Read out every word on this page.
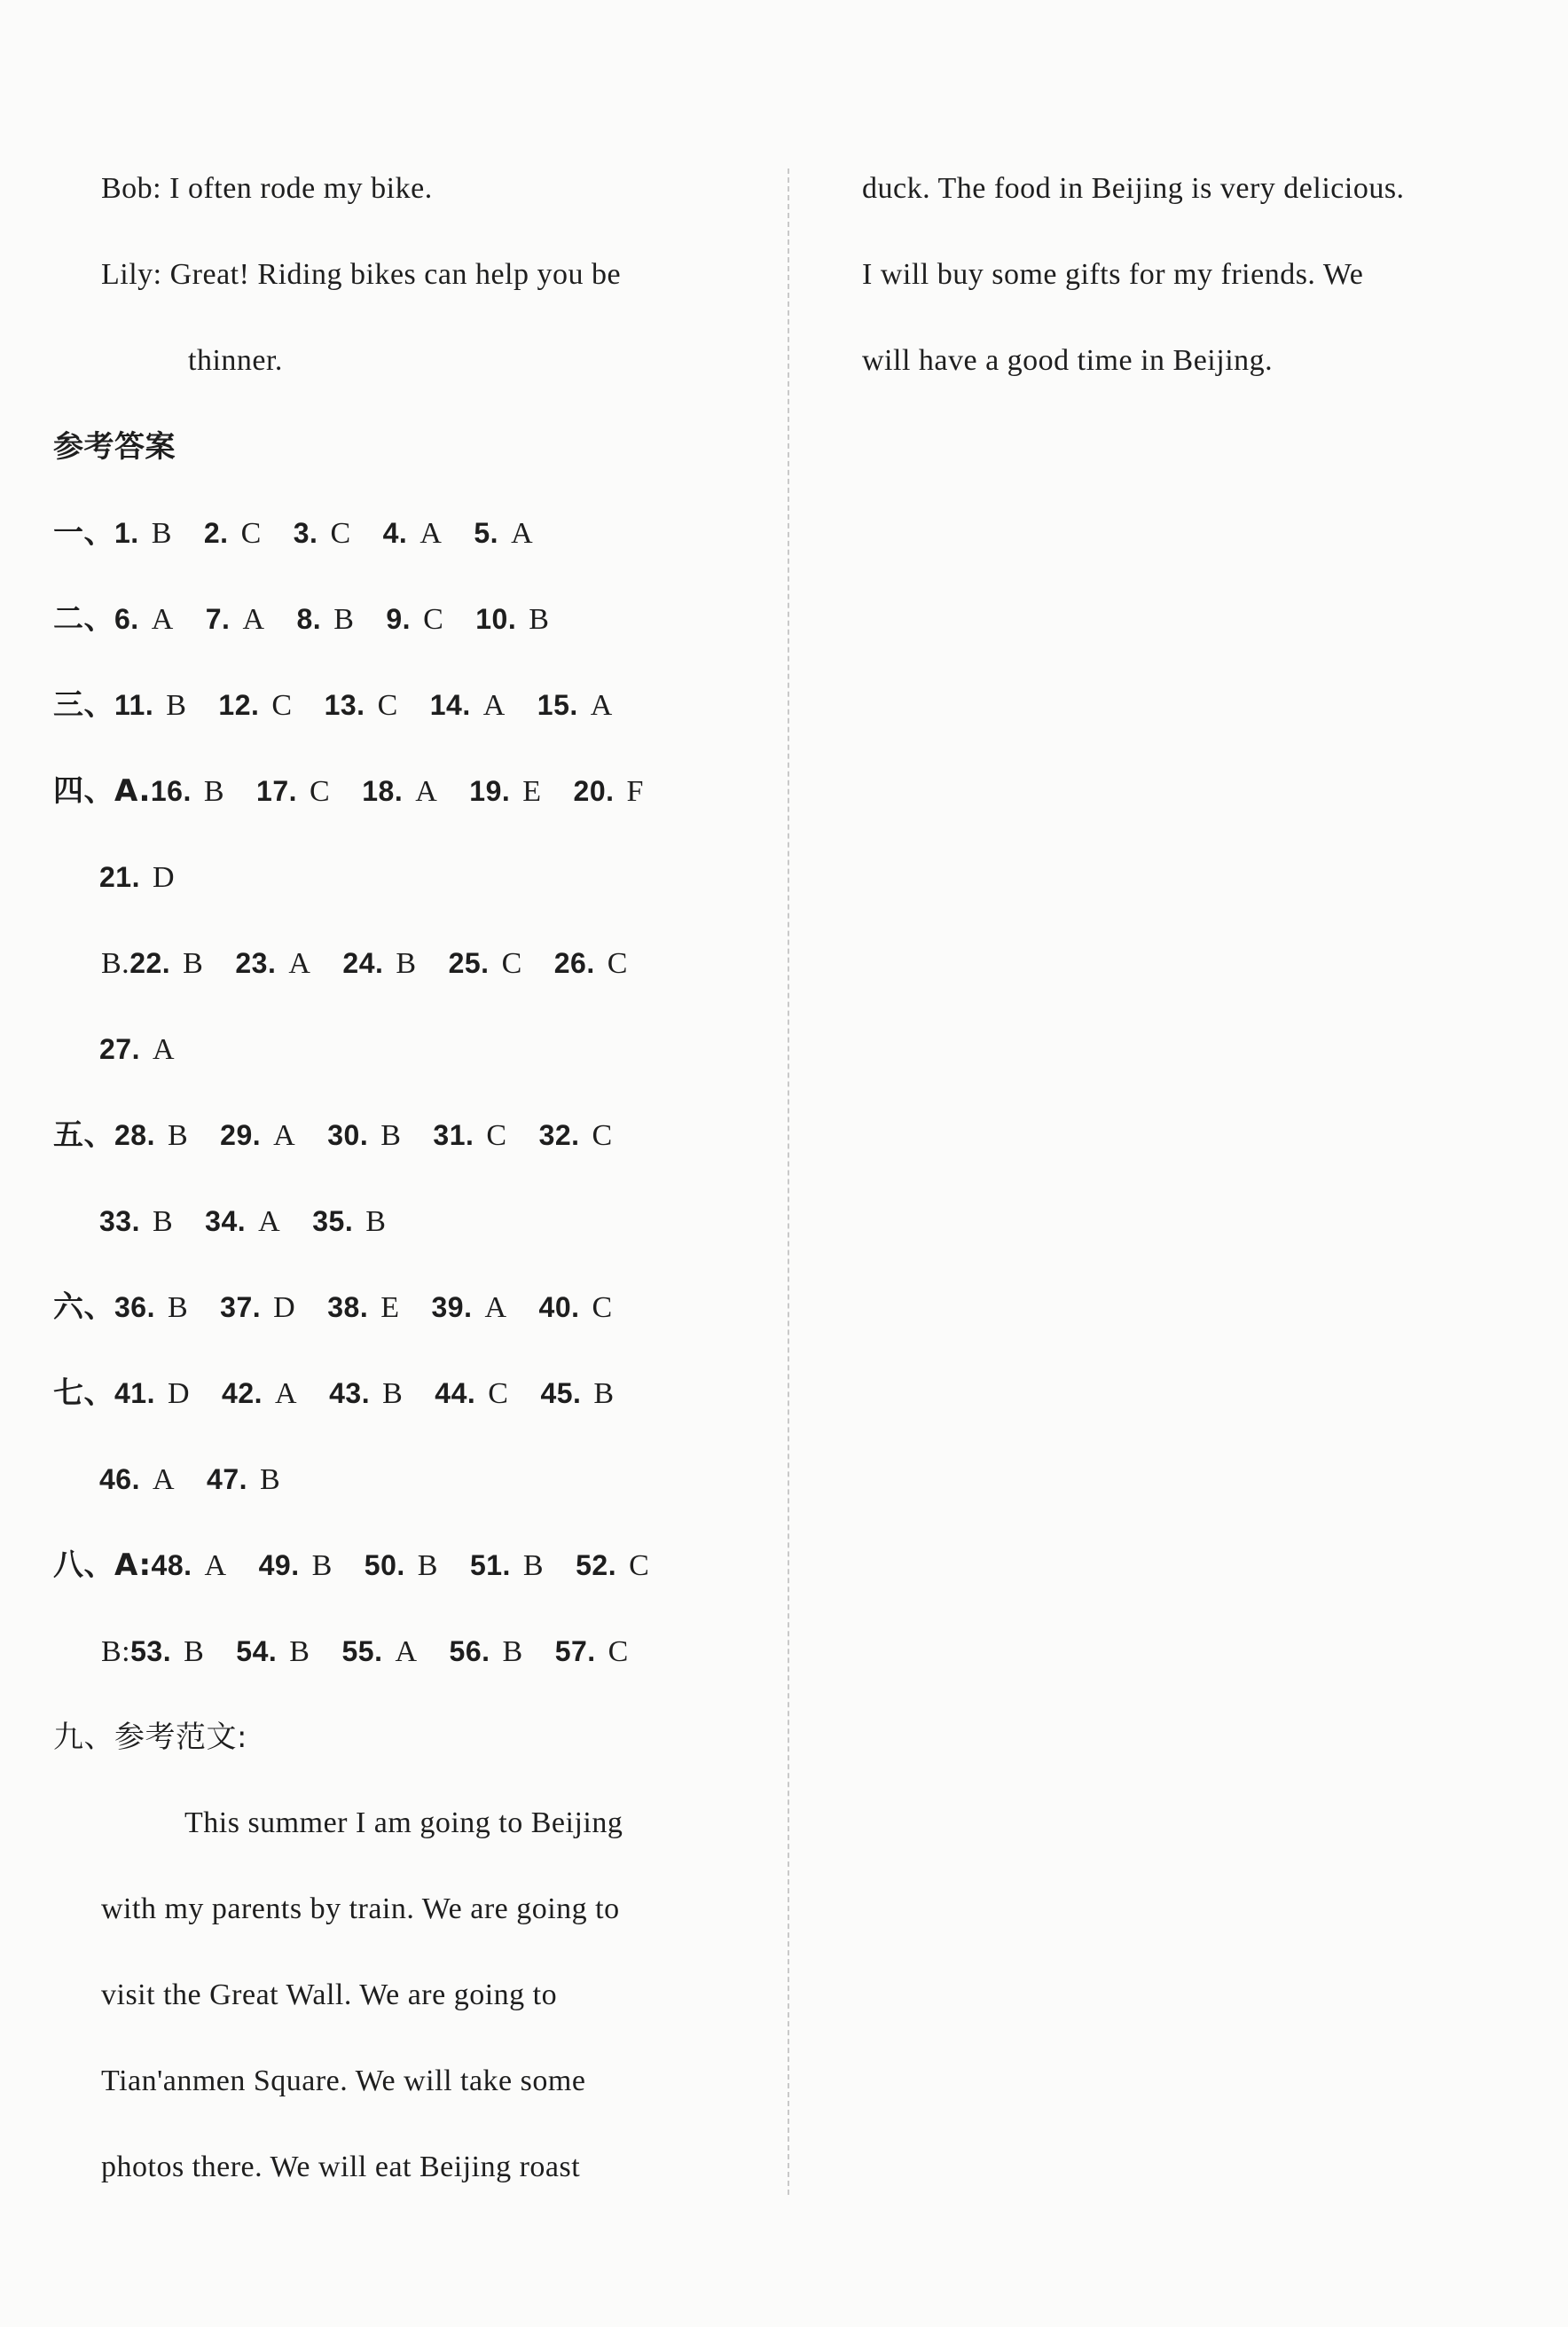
Bob: I often rode my bike.
Lily: Great! Riding bikes can help you be
thinner.
参考答案
一、1. B 2. C 3. C 4. A 5. A
二、6. A 7. A 8. B 9. C 10. B
三、11. B 12. C 13. C 14. A 15. A
四、A.16. B 17. C 18. A 19. E 20. F
21. D
B.22. B 23. A 24. B 25. C 26. C
27. A
五、28. B 29. A 30. B 31. C 32. C
33. B 34. A 35. B
六、36. B 37. D 38. E 39. A 40. C
七、41. D 42. A 43. B 44. C 45. B
46. A 47. B
八、A:48. A 49. B 50. B 51. B 52. C
B:53. B 54. B 55. A 56. B 57. C
九、参考范文:
This summer I am going to Beijing
with my parents by train. We are going to
visit the Great Wall. We are going to
Tian'anmen Square. We will take some
photos there. We will eat Beijing roast
duck. The food in Beijing is very delicious.
I will buy some gifts for my friends. We
will have a good time in Beijing.
